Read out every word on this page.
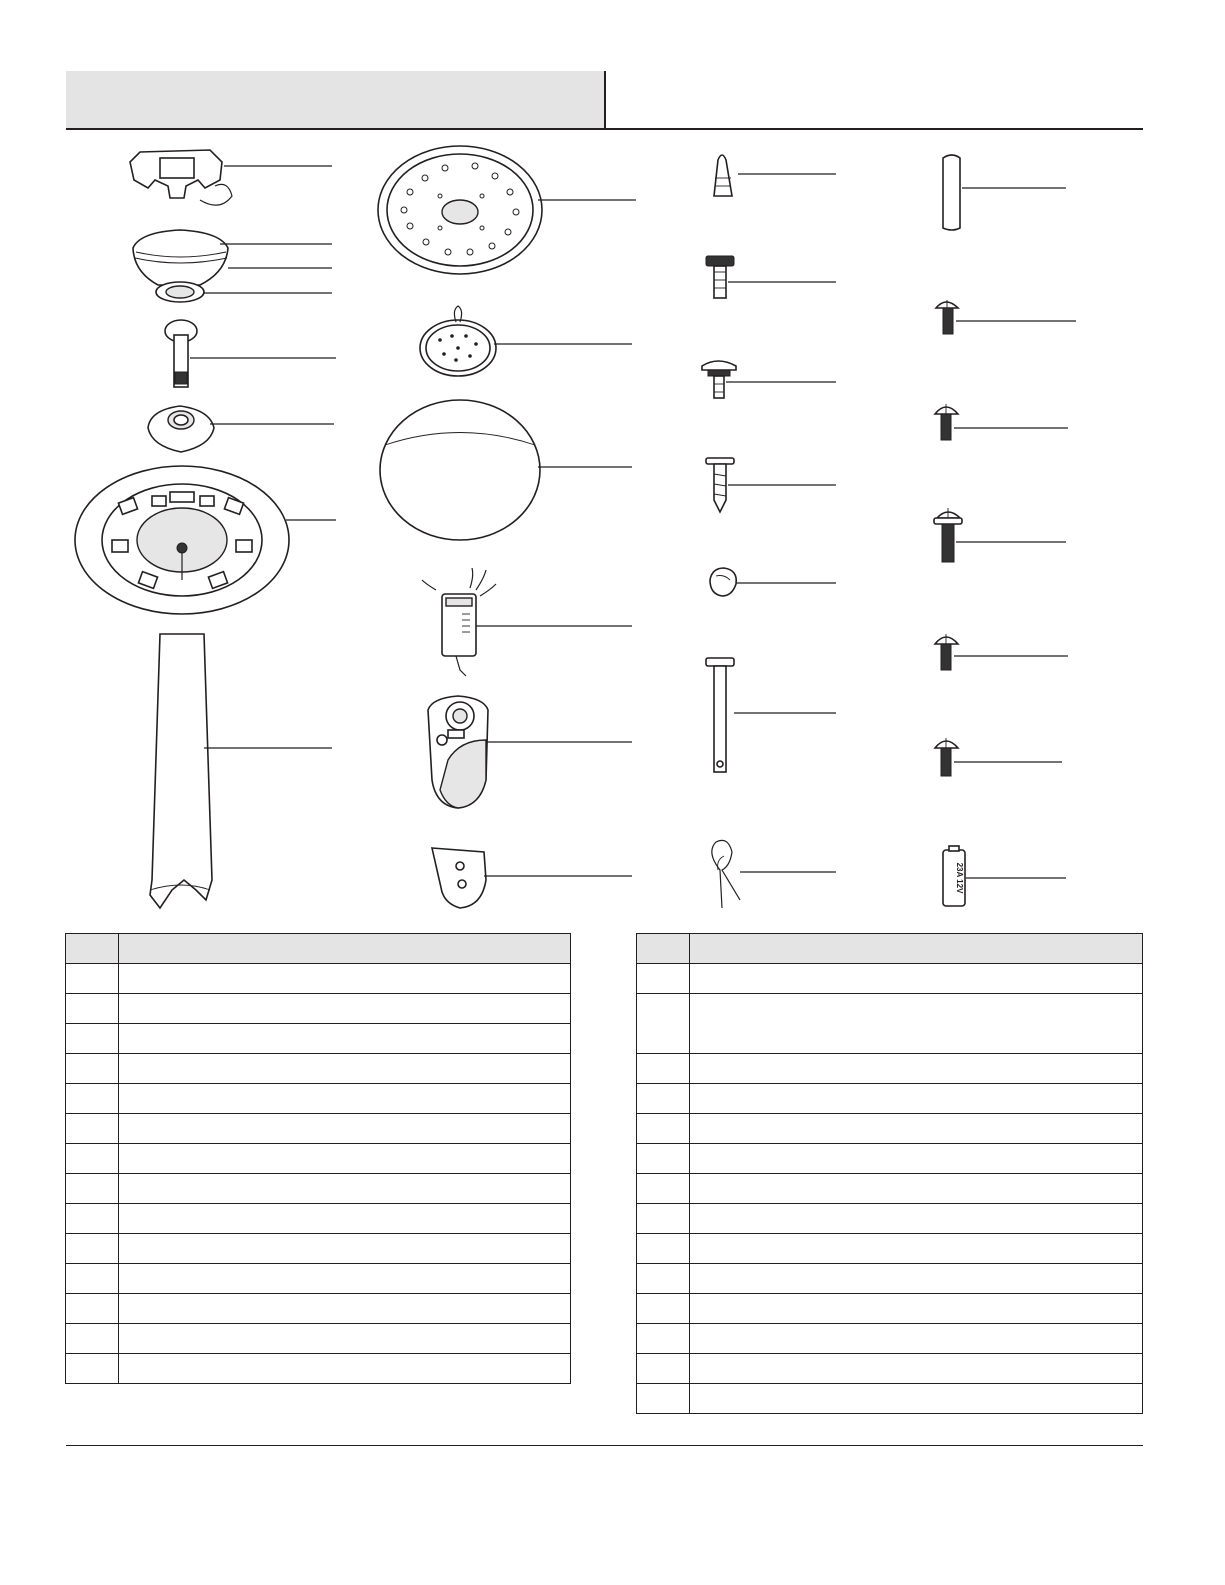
23A 12V
